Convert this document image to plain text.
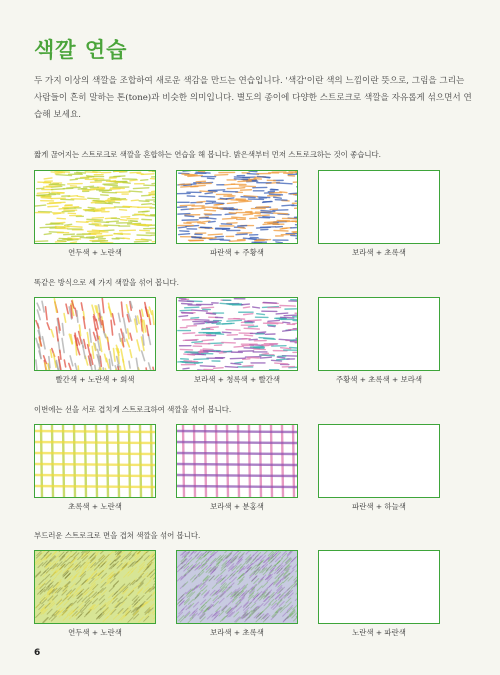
색깔 연습
두 가지 이상의 색깔을 조합하여 새로운 색감을 만드는 연습입니다. '색감'이란 색의 느낌이란 뜻으로, 그림을 그리는 사람들이 흔히 말하는 톤(tone)과 비슷한 의미입니다. 별도의 종이에 다양한 스트로크로 색깔을 자유롭게 섞으면서 연습해 보세요.
짧게 끊어지는 스트로크로 색깔을 혼합하는 연습을 해 봅니다. 밝은색부터 먼저 스트로크하는 것이 좋습니다.
연두색 + 노란색	파란색 + 주황색	보라색 + 초록색
똑같은 방식으로 세 가지 색깔을 섞어 봅니다.
빨간색 + 노란색 + 회색	보라색 + 청록색 + 빨간색	주황색 + 초록색 + 보라색
이번에는 선을 서로 겹치게 스트로크하여 색깔을 섞어 봅니다.
초록색 + 노란색	보라색 + 분홍색	파란색 + 하늘색
부드러운 스트로크로 면을 겹쳐 색깔을 섞어 봅니다.
연두색 + 노란색	보라색 + 초록색	노란색 + 파란색
6
